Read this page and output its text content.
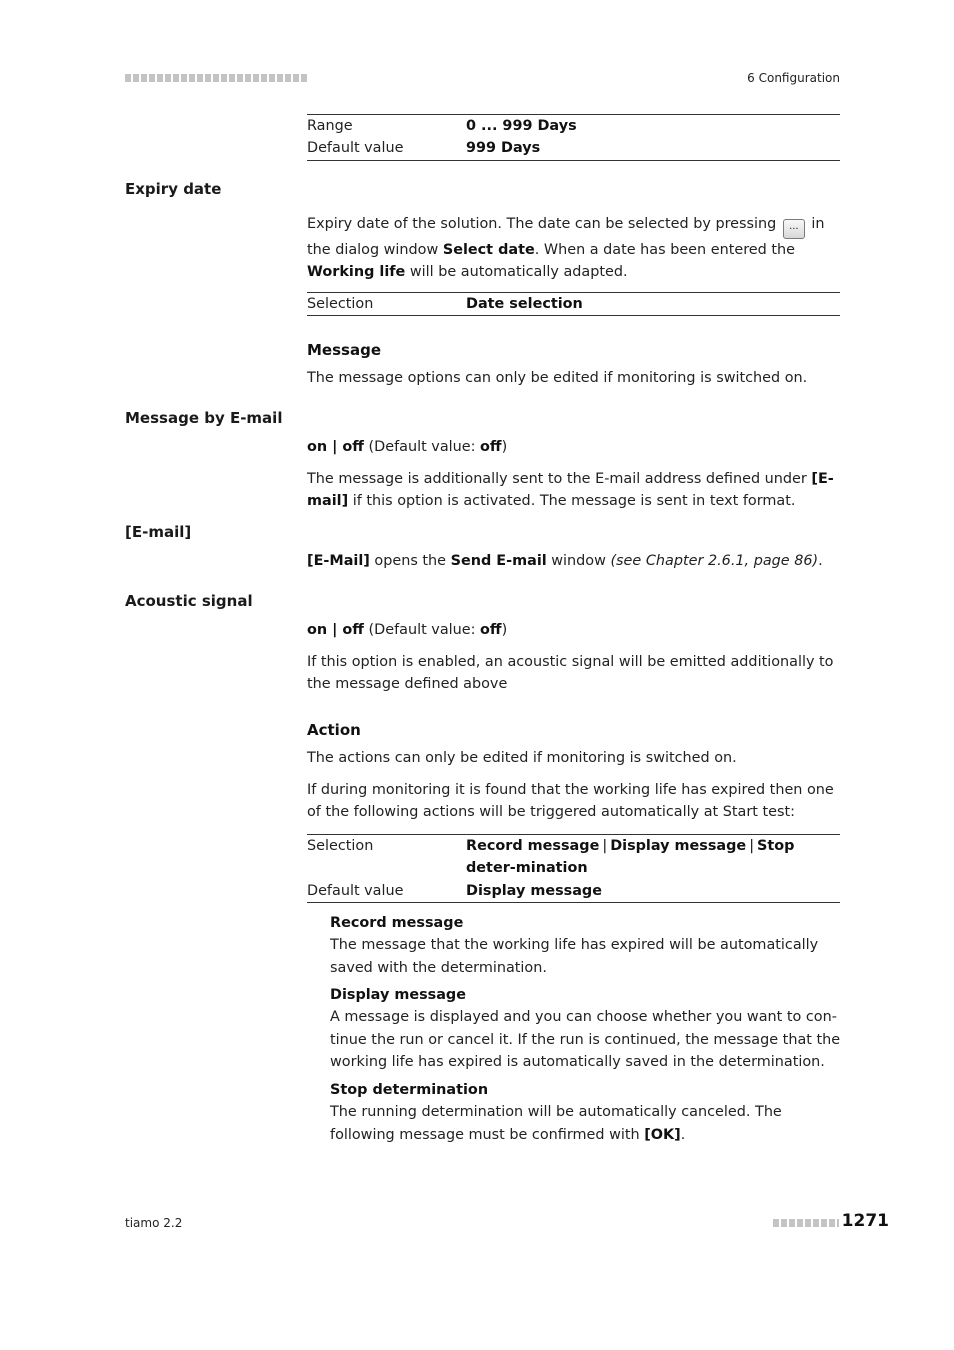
6 Configuration
Range	0 ... 999 Days
Default value	999 Days
Expiry date
Expiry date of the solution. The date can be selected by pressing ... in the dialog window Select date. When a date has been entered the Working life will be automatically adapted.
Selection	Date selection
Message
The message options can only be edited if monitoring is switched on.
Message by E-mail
on | off (Default value: off)
The message is additionally sent to the E-mail address defined under [E-mail] if this option is activated. The message is sent in text format.
[E-mail]
[E-Mail] opens the Send E-mail window (see Chapter 2.6.1, page 86).
Acoustic signal
on | off (Default value: off)
If this option is enabled, an acoustic signal will be emitted additionally to the message defined above
Action
The actions can only be edited if monitoring is switched on.
If during monitoring it is found that the working life has expired then one of the following actions will be triggered automatically at Start test:
Selection	Record message | Display message | Stop deter-mination
Default value	Display message
Record message
The message that the working life has expired will be automatically saved with the determination.
Display message
A message is displayed and you can choose whether you want to con-tinue the run or cancel it. If the run is continued, the message that the working life has expired is automatically saved in the determination.
Stop determination
The running determination will be automatically canceled. The following message must be confirmed with [OK].
tiamo 2.2	1271
